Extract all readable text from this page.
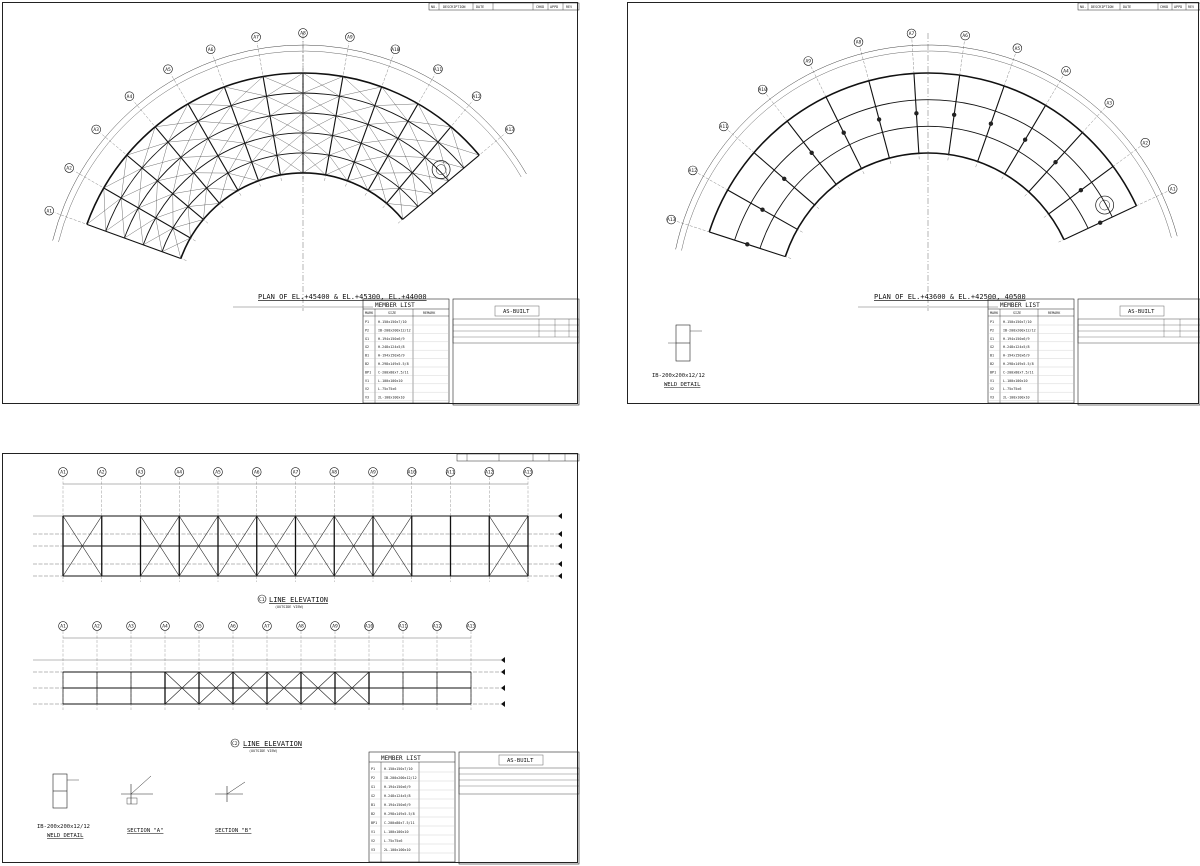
NO. DESCRIPTION	DATE	CHKD APPD REV
A1
A2
A3
A4
A5
A6
A7
A8
A9
A10
A11
A12
A13
PLAN OF EL.+45400 & EL.+45300, EL.+44000
MEMBER LIST
MARK	SIZE	REMARK
P1	H-150x150x7/10
P2	IB-200x200x12/12
G1	H-194x150x6/9
G2	H-248x124x5/8
B1	H-194x150x6/9
B2	H-298x149x5.5/8
BP1 C-200x80x7.5/11
V1	L-100x100x10
V2	L-75x75x6
V3	2L-100x100x10
AS-BUILT
NO. DESCRIPTION	DATE	CHKD APPD REV
A13
A12
A11
A10
A9
A8
A7	A6
A5
A4
A3
A2
A1
PLAN OF EL.+43600 & EL.+42500, 40500
IB-200x200x12/12
WELD DETAIL
MEMBER LIST
MARK	SIZE	REMARK
P1	H-150x150x7/10
P2	IB-200x200x12/12
G1	H-194x150x6/9
G2	H-248x124x5/8
B1	H-194x150x6/9
B2	H-298x149x5.5/8
BP1 C-200x80x7.5/11
V1	L-100x100x10
V2	L-75x75x6
V3	2L-100x100x10
AS-BUILT
A1	A2	A3	A4	A5	A6	A7	A8	A9	A10	A11	A12	A13
A1	A2	A3	A4	A5	A6	A7	A8	A9	A10	A11	A12	A13
C1 LINE ELEVATION
(OUTSIDE VIEW)
C2 LINE ELEVATION
(OUTSIDE VIEW)
IB-200x200x12/12
WELD DETAIL
SECTION "A"	SECTION "B"
MEMBER LIST
P1	H-150x150x7/10
P2	IB-200x200x12/12
G1	H-194x150x6/9
G2	H-248x124x5/8
B1	H-194x150x6/9
B2	H-298x149x5.5/8
BP1 C-200x80x7.5/11
V1	L-100x100x10
V2	L-75x75x6
V3	2L-100x100x10
AS-BUILT
